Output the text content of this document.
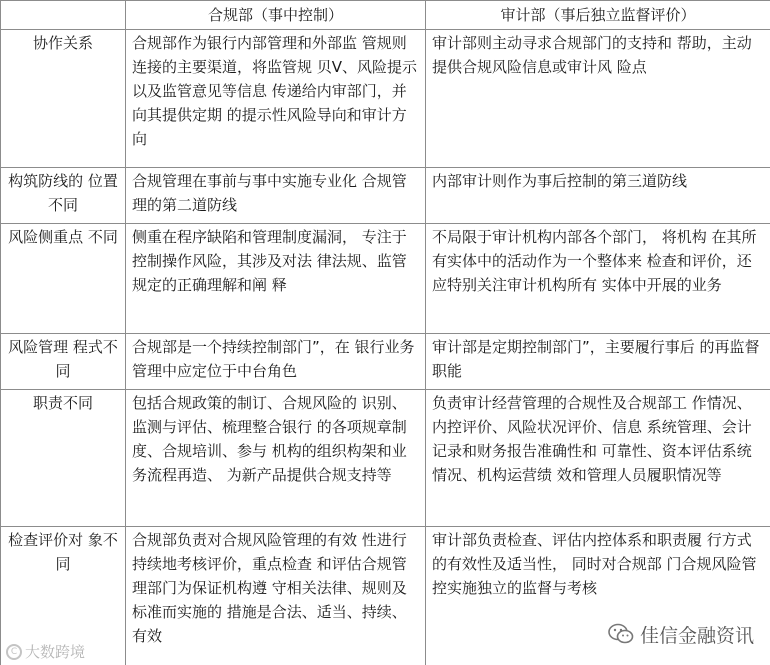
	合规部（事中控制）	审计部（事后独立监督评价）
协作关系	合规部作为银行内部管理和外部监 管规则连接的主要渠道，将监管规 贝V、风险提示以及监管意见等信息 传递给内审部门，并向其提供定期 的提示性风险导向和审计方向	审计部则主动寻求合规部门的支持和 帮助，主动提供合规风险信息或审计风 险点
构筑防线的 位置不同	合规管理在事前与事中实施专业化 合规管理的第二道防线	内部审计则作为事后控制的第三道防线
风险侧重点 不同	侧重在程序缺陷和管理制度漏洞， 专注于控制操作风险，其涉及对法 律法规、监管规定的正确理解和阐 释	不局限于审计机构内部各个部门， 将机构 在其所有实体中的活动作为一个整体来 检查和评价，还应特别关注审计机构所有 实体中开展的业务
风险管理 程式不同	合规部是一个持续控制部门”，在 银行业务管理中应定位于中台角色	审计部是定期控制部门”，主要履行事后 的再监督职能
职责不同	包括合规政策的制订、合规风险的 识别、监测与评估、梳理整合银行 的各项规章制度、合规培训、参与 机构的组织构架和业务流程再造、 为新产品提供合规支持等	负责审计经营管理的合规性及合规部工 作情况、内控评价、风险状况评价、信息 系统管理、会计记录和财务报告准确性和 可靠性、资本评估系统情况、机构运营绩 效和管理人员履职情况等
检查评价对 象不同	合规部负责对合规风险管理的有效 性进行持续地考核评价，重点检查 和评估合规管理部门为保证机构遵 守相关法律、规则及标准而实施的 措施是合法、适当、持续、有效	审计部负责检查、评估内控体系和职责履 行方式的有效性及适当性， 同时对合规部 门合规风险管控实施独立的监督与考核
C 大数跨境
佳信金融资讯
